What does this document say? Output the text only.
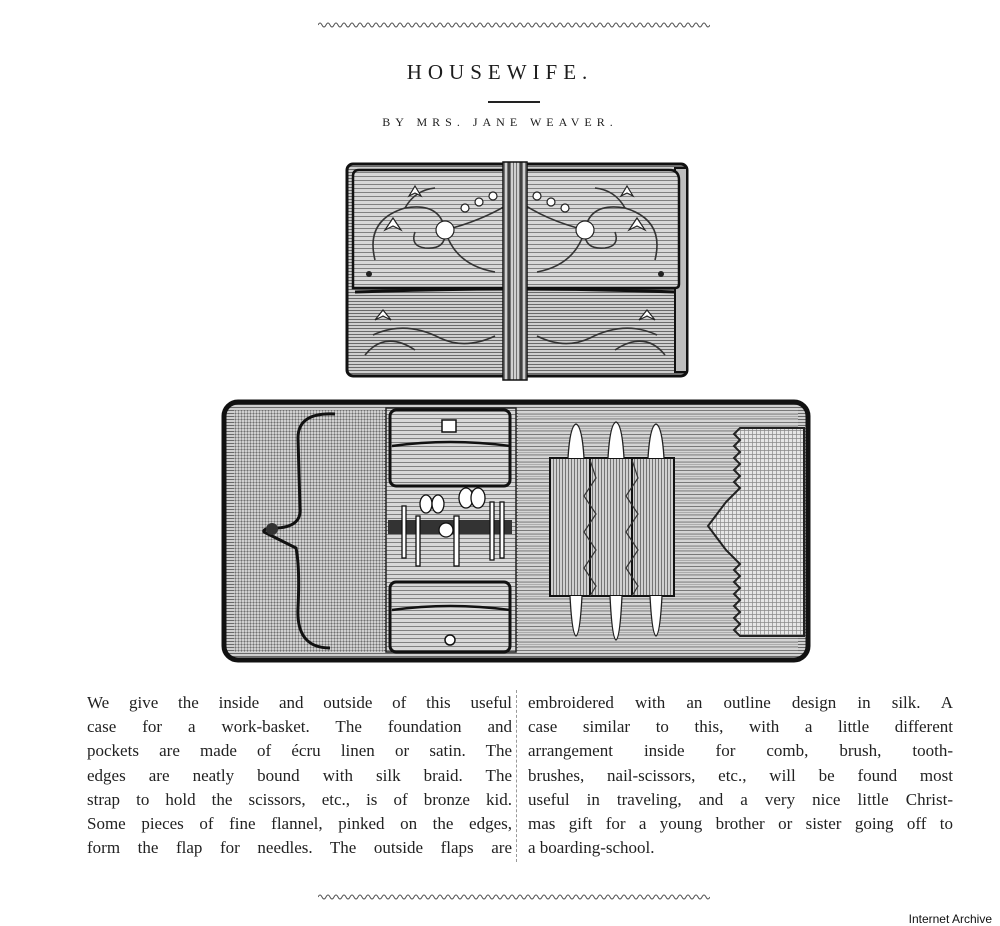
HOUSEWIFE.
BY MRS. JANE WEAVER.
We give the inside and outside of this useful
case for a work-basket. The foundation and
pockets are made of écru linen or satin. The
edges are neatly bound with silk braid. The
strap to hold the scissors, etc., is of bronze kid.
Some pieces of fine flannel, pinked on the edges,
form the flap for needles. The outside flaps are
embroidered with an outline design in silk. A
case similar to this, with a little different
arrangement inside for comb, brush, tooth-
brushes, nail-scissors, etc., will be found most
useful in traveling, and a very nice little Christ-
mas gift for a young brother or sister going off to
a boarding-school.
Internet Archive
